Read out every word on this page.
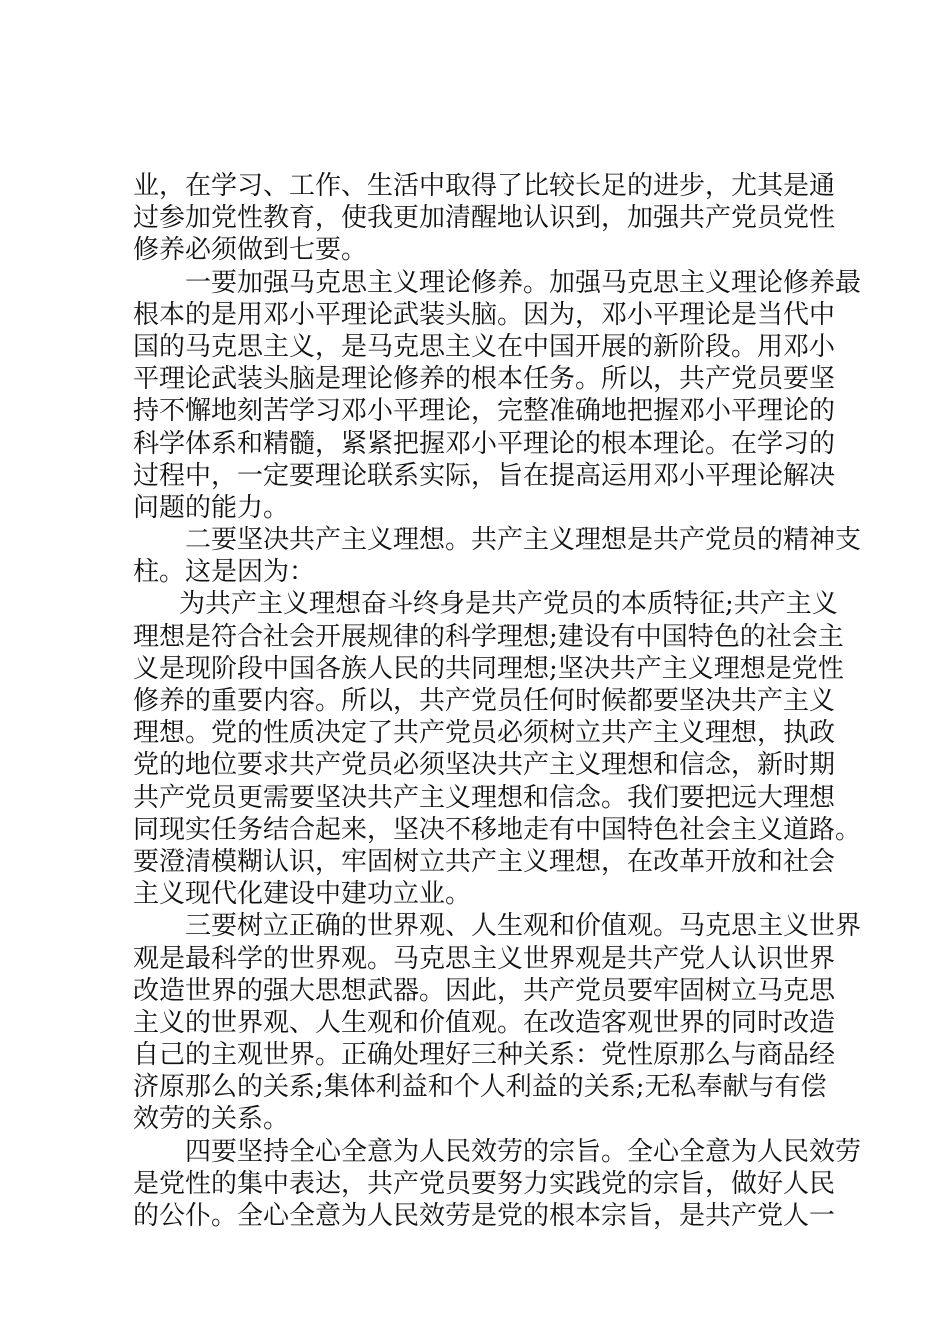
业，在学习、工作、生活中取得了比较长足的进步，尤其是通
过参加党性教育，使我更加清醒地认识到，加强共产党员党性
修养必须做到七要。
一要加强马克思主义理论修养。加强马克思主义理论修养最
根本的是用邓小平理论武装头脑。因为，邓小平理论是当代中
国的马克思主义，是马克思主义在中国开展的新阶段。用邓小
平理论武装头脑是理论修养的根本任务。所以，共产党员要坚
持不懈地刻苦学习邓小平理论，完整准确地把握邓小平理论的
科学体系和精髓，紧紧把握邓小平理论的根本理论。在学习的
过程中，一定要理论联系实际，旨在提高运用邓小平理论解决
问题的能力。
二要坚决共产主义理想。共产主义理想是共产党员的精神支
柱。这是因为：
为共产主义理想奋斗终身是共产党员的本质特征;共产主义
理想是符合社会开展规律的科学理想;建设有中国特色的社会主
义是现阶段中国各族人民的共同理想;坚决共产主义理想是党性
修养的重要内容。所以，共产党员任何时候都要坚决共产主义
理想。党的性质决定了共产党员必须树立共产主义理想，执政
党的地位要求共产党员必须坚决共产主义理想和信念，新时期
共产党员更需要坚决共产主义理想和信念。我们要把远大理想
同现实任务结合起来，坚决不移地走有中国特色社会主义道路。
要澄清模糊认识，牢固树立共产主义理想，在改革开放和社会
主义现代化建设中建功立业。
三要树立正确的世界观、人生观和价值观。马克思主义世界
观是最科学的世界观。马克思主义世界观是共产党人认识世界
改造世界的强大思想武器。因此，共产党员要牢固树立马克思
主义的世界观、人生观和价值观。在改造客观世界的同时改造
自己的主观世界。正确处理好三种关系：党性原那么与商品经
济原那么的关系;集体利益和个人利益的关系;无私奉献与有偿
效劳的关系。
四要坚持全心全意为人民效劳的宗旨。全心全意为人民效劳
是党性的集中表达，共产党员要努力实践党的宗旨，做好人民
的公仆。全心全意为人民效劳是党的根本宗旨，是共产党人一
